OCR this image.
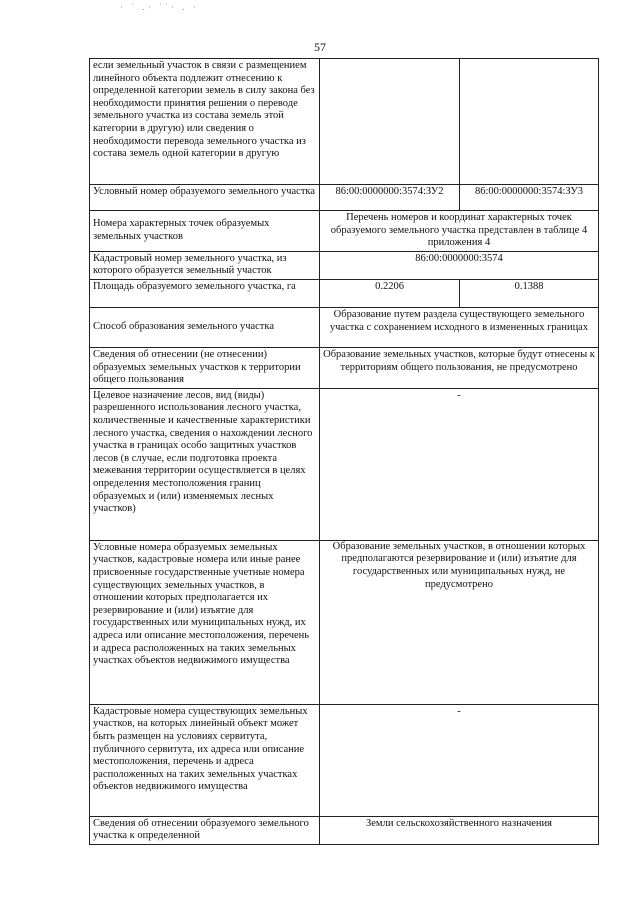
· ˙ .· ˙˙· . ·
57
если земельный участок в связи с размещением линейного объекта подлежит отнесению к определенной категории земель в силу закона без необходимости принятия решения о переводе земельного участка из состава земель этой категории в другую) или сведения о необходимости перевода земельного участка из состава земель одной категории в другую		
Условный номер образуемого земельного участка	86:00:0000000:3574:ЗУ2	86:00:0000000:3574:ЗУ3
Номера характерных точек образуемых земельных участков	Перечень номеров и координат характерных точек образуемого земельного участка представлен в таблице 4 приложения 4	
Кадастровый номер земельного участка, из которого образуется земельный участок	86:00:0000000:3574	
Площадь образуемого земельного участка, га	0.2206	0.1388
Способ образования земельного участка	Образование путем раздела существующего земельного участка с сохранением исходного в измененных границах	
Сведения об отнесении (не отнесении) образуемых земельных участков к территории общего пользования	Образование земельных участков, которые будут отнесены к территориям общего пользования, не предусмотрено	
Целевое назначение лесов, вид (виды) разрешенного использования лесного участка, количественные и качественные характеристики лесного участка, сведения о нахождении лесного участка в границах особо защитных участков лесов (в случае, если подготовка проекта межевания территории осуществляется в целях определения местоположения границ образуемых и (или) изменяемых лесных участков)	-	
Условные номера образуемых земельных участков, кадастровые номера или иные ранее присвоенные государственные учетные номера существующих земельных участков, в отношении которых предполагается их резервирование и (или) изъятие для государственных или муниципальных нужд, их адреса или описание местоположения, перечень и адреса расположенных на таких земельных участках объектов недвижимого имущества	Образование земельных участков, в отношении которых предполагаются резервирование и (или) изъятие для государственных или муниципальных нужд, не предусмотрено	
Кадастровые номера существующих земельных участков, на которых линейный объект может быть размещен на условиях сервитута, публичного сервитута, их адреса или описание местоположения, перечень и адреса расположенных на таких земельных участках объектов недвижимого имущества	-	
Сведения об отнесении образуемого земельного участка к определенной	Земли сельскохозяйственного назначения	
